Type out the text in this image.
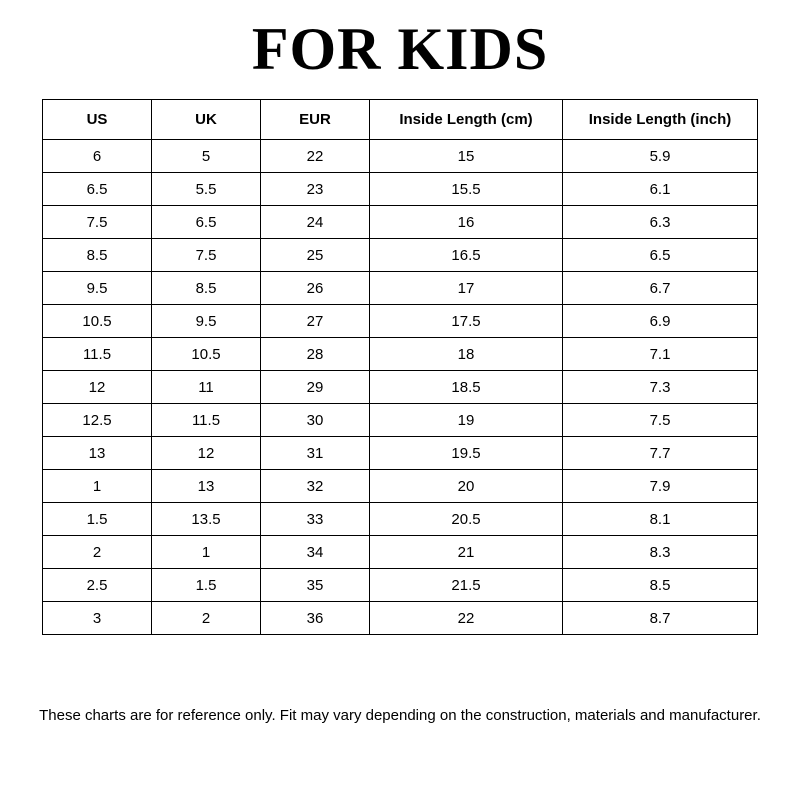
FOR KIDS
US	UK	EUR	Inside Length (cm)	Inside Length (inch)
6	5	22	15	5.9
6.5	5.5	23	15.5	6.1
7.5	6.5	24	16	6.3
8.5	7.5	25	16.5	6.5
9.5	8.5	26	17	6.7
10.5	9.5	27	17.5	6.9
11.5	10.5	28	18	7.1
12	11	29	18.5	7.3
12.5	11.5	30	19	7.5
13	12	31	19.5	7.7
1	13	32	20	7.9
1.5	13.5	33	20.5	8.1
2	1	34	21	8.3
2.5	1.5	35	21.5	8.5
3	2	36	22	8.7

These charts are for reference only. Fit may vary depending on the construction, materials and manufacturer.
